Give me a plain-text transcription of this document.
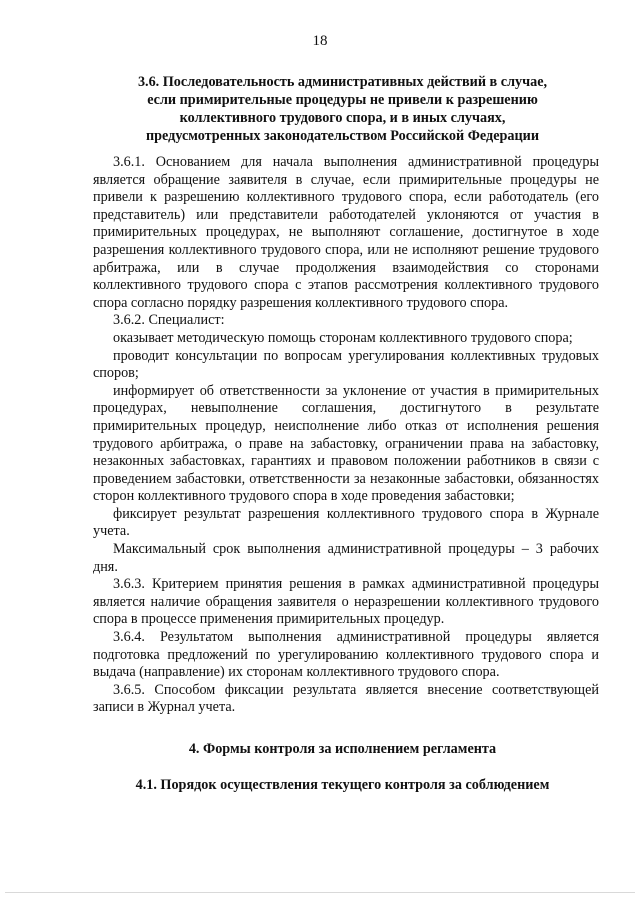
18
3.6. Последовательность административных действий в случае,
если примирительные процедуры не привели к разрешению
коллективного трудового спора, и в иных случаях,
предусмотренных законодательством Российской Федерации

3.6.1. Основанием для начала выполнения административной процедуры является обращение заявителя в случае, если примирительные процедуры не привели к разрешению коллективного трудового спора, если работодатель (его представитель) или представители работодателей уклоняются от участия в примирительных процедурах, не выполняют соглашение, достигнутое в ходе разрешения коллективного трудового спора, или не исполняют решение трудового арбитража, или в случае продолжения взаимодействия со сторонами коллективного трудового спора с этапов рассмотрения коллективного трудового спора согласно порядку разрешения коллективного трудового спора.

3.6.2. Специалист:

оказывает методическую помощь сторонам коллективного трудового спора;

проводит консультации по вопросам урегулирования коллективных трудовых споров;

информирует об ответственности за уклонение от участия в примирительных процедурах, невыполнение соглашения, достигнутого в результате примирительных процедур, неисполнение либо отказ от исполнения решения трудового арбитража, о праве на забастовку, ограничении права на забастовку, незаконных забастовках, гарантиях и правовом положении работников в связи с проведением забастовки, ответственности за незаконные забастовки, обязанностях сторон коллективного трудового спора в ходе проведения забастовки;

фиксирует результат разрешения коллективного трудового спора в Журнале учета.

Максимальный срок выполнения административной процедуры – 3 рабочих дня.

3.6.3. Критерием принятия решения в рамках административной процедуры является наличие обращения заявителя о неразрешении коллективного трудового спора в процессе применения примирительных процедур.

3.6.4. Результатом выполнения административной процедуры является подготовка предложений по урегулированию коллективного трудового спора и выдача (направление) их сторонам коллективного трудового спора.

3.6.5. Способом фиксации результата является внесение соответствующей записи в Журнал учета.

4. Формы контроля за исполнением регламента
4.1. Порядок осуществления текущего контроля за соблюдением
